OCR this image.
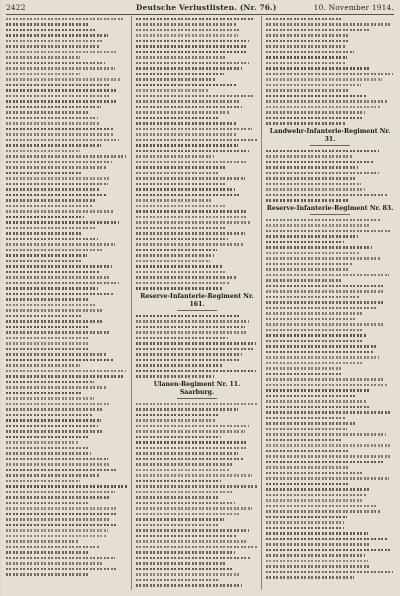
2422	Deutsche Verlustlisten. (Nr. 76.)	10. November 1914.
Reserve-Infanterie-Regiment Nr. 161.
Ulanen-Regiment Nr. 11. Saarburg.
Landwehr-Infanterie-Regiment Nr. 31.
Reserve-Infanterie-Regiment Nr. 83.
